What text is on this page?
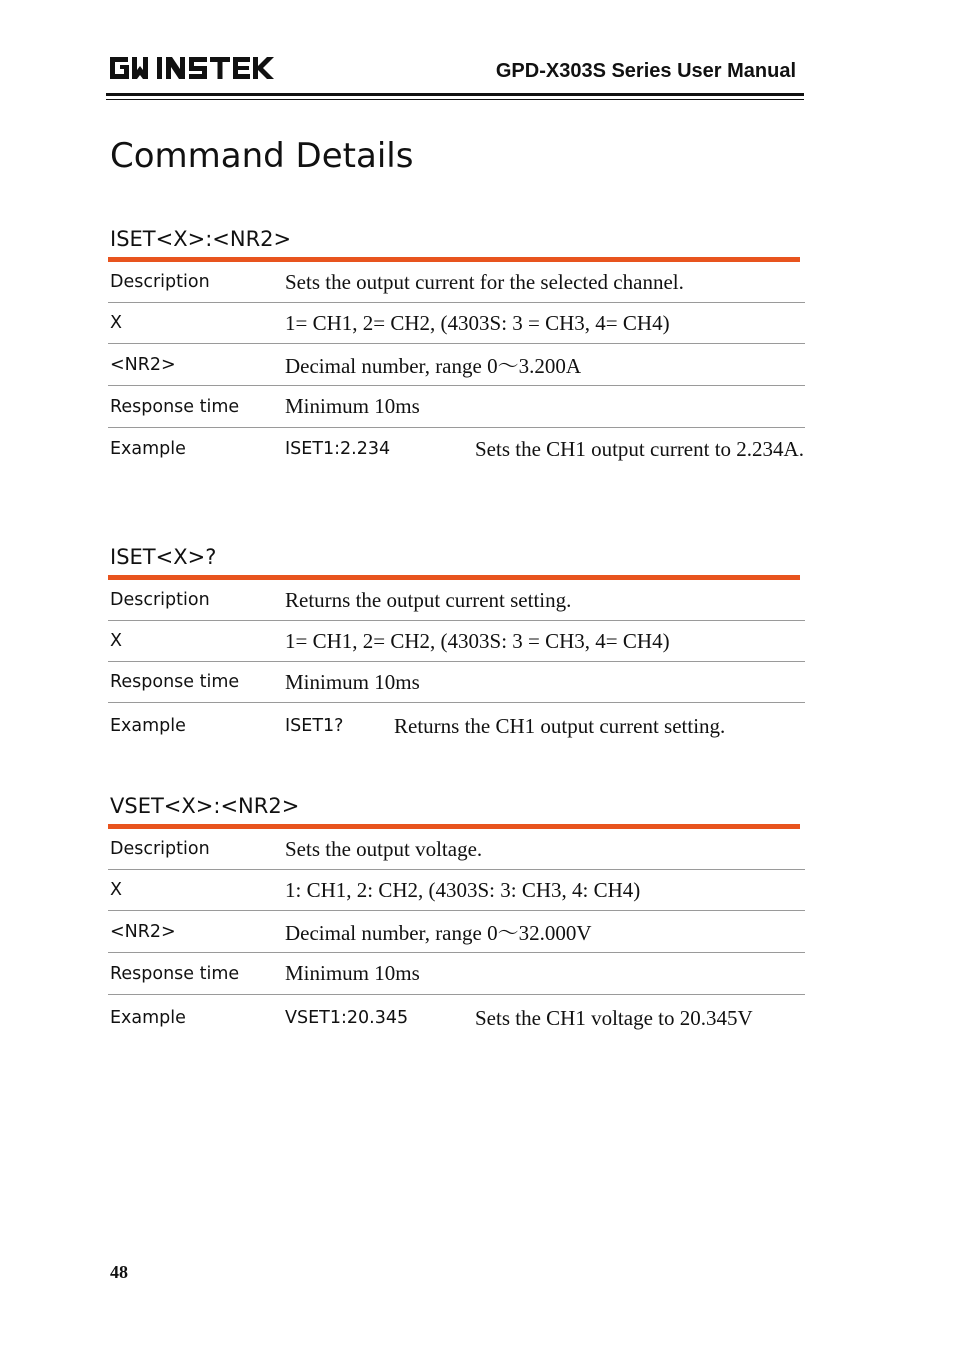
GPD-X303S Series User Manual
Command Details
ISET<X>:<NR2>
Description	Sets the output current for the selected channel.
X	1= CH1, 2= CH2, (4303S: 3 = CH3, 4= CH4)
<NR2>	Decimal number, range 0〜3.200A
Response time	Minimum 10ms
Example	ISET1:2.234	Sets the CH1 output current to 2.234A.
ISET<X>?
Description	Returns the output current setting.
X	1= CH1, 2= CH2, (4303S: 3 = CH3, 4= CH4)
Response time	Minimum 10ms
Example	ISET1?	Returns the CH1 output current setting.
VSET<X>:<NR2>
Description	Sets the output voltage.
X	1: CH1, 2: CH2, (4303S: 3: CH3, 4: CH4)
<NR2>	Decimal number, range 0〜32.000V
Response time	Minimum 10ms
Example	VSET1:20.345	Sets the CH1 voltage to 20.345V
48
